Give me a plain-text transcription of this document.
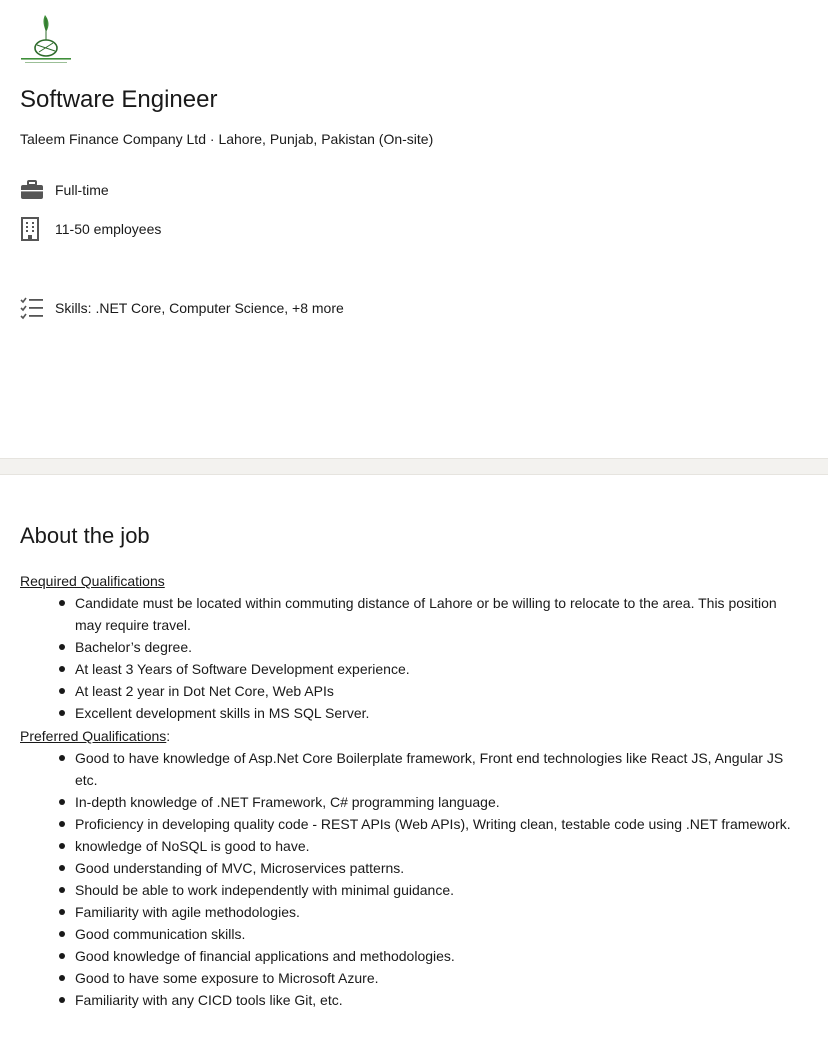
Software Engineer
Taleem Finance Company Ltd · Lahore, Punjab, Pakistan (On-site)
Full-time
11-50 employees
Skills: .NET Core, Computer Science, +8 more
About the job
Required Qualifications
Candidate must be located within commuting distance of Lahore or be willing to relocate to the area. This position may require travel.
Bachelor’s degree.
At least 3 Years of Software Development experience.
At least 2 year in Dot Net Core, Web APIs
Excellent development skills in MS SQL Server.
Preferred Qualifications:
Good to have knowledge of Asp.Net Core Boilerplate framework, Front end technologies like React JS, Angular JS etc.
In-depth knowledge of .NET Framework, C# programming language.
Proficiency in developing quality code - REST APIs (Web APIs), Writing clean, testable code using .NET framework.
knowledge of NoSQL is good to have.
Good understanding of MVC, Microservices patterns.
Should be able to work independently with minimal guidance.
Familiarity with agile methodologies.
Good communication skills.
Good knowledge of financial applications and methodologies.
Good to have some exposure to Microsoft Azure.
Familiarity with any CICD tools like Git, etc.
